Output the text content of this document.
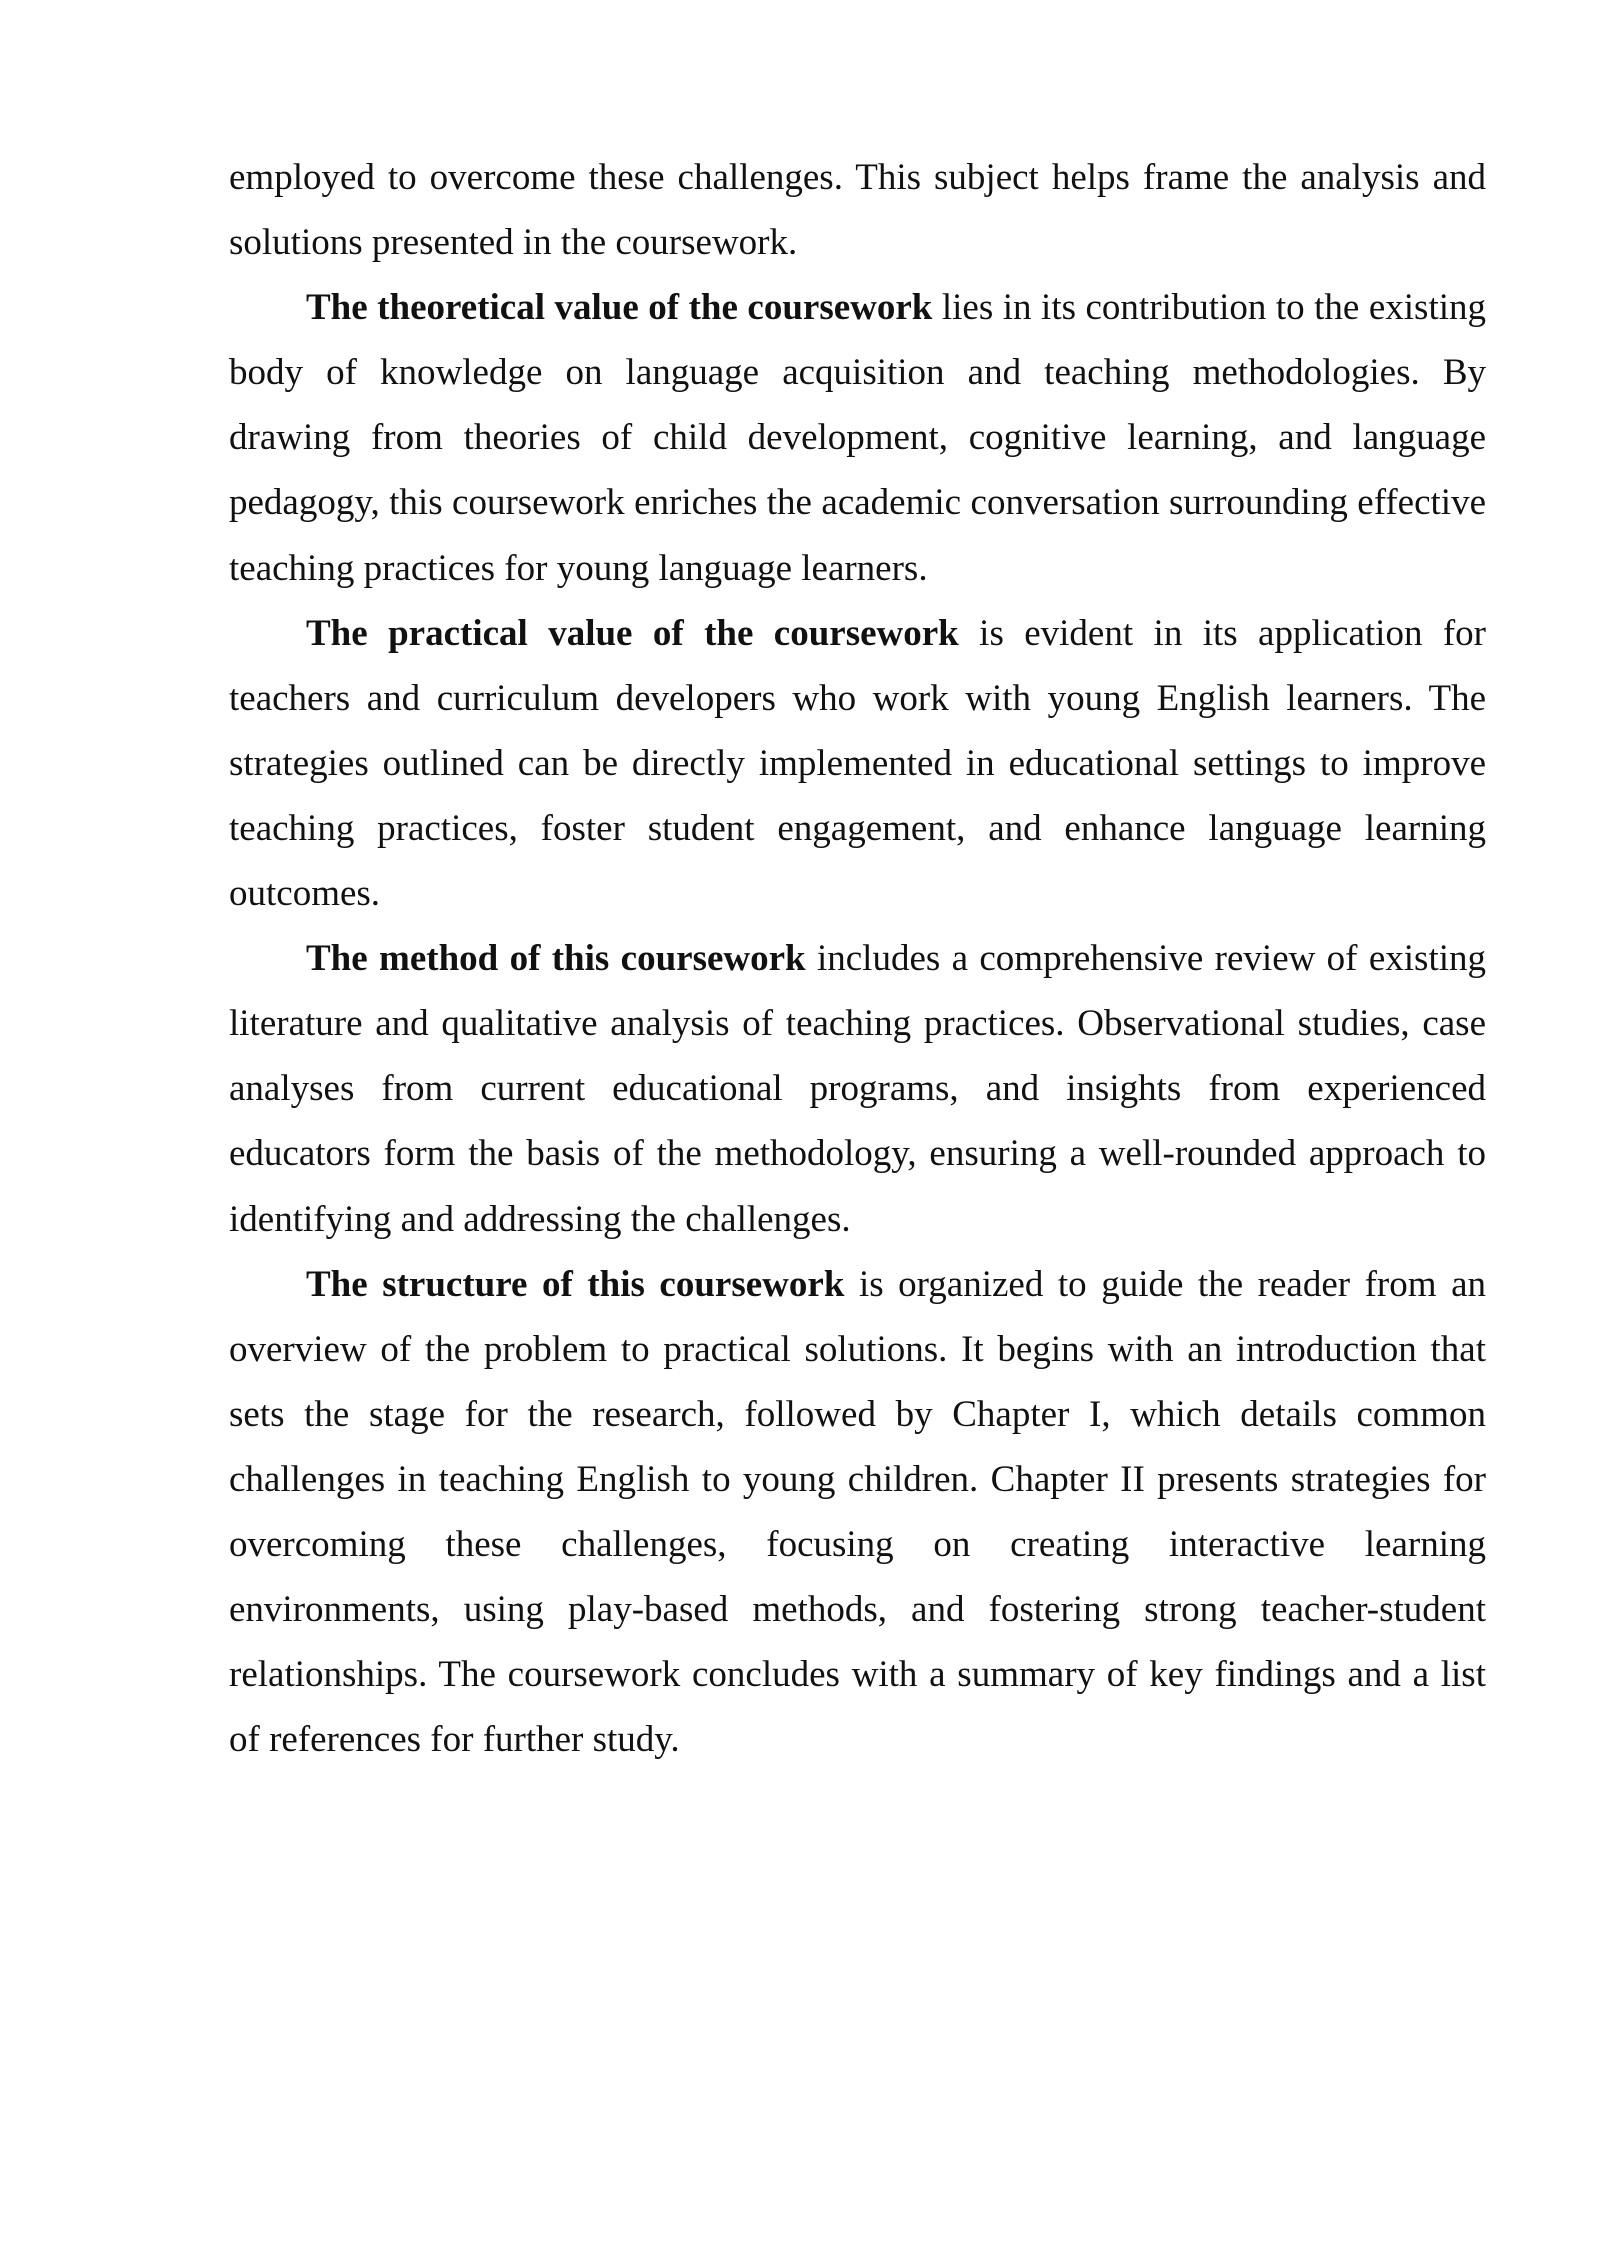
employed to overcome these challenges. This subject helps frame the analysis and solutions presented in the coursework.

The theoretical value of the coursework lies in its contribution to the existing body of knowledge on language acquisition and teaching methodologies. By drawing from theories of child development, cognitive learning, and language pedagogy, this coursework enriches the academic conversation surrounding effective teaching practices for young language learners.

The practical value of the coursework is evident in its application for teachers and curriculum developers who work with young English learners. The strategies outlined can be directly implemented in educational settings to improve teaching practices, foster student engagement, and enhance language learning outcomes.

The method of this coursework includes a comprehensive review of existing literature and qualitative analysis of teaching practices. Observational studies, case analyses from current educational programs, and insights from experienced educators form the basis of the methodology, ensuring a well-rounded approach to identifying and addressing the challenges.

The structure of this coursework is organized to guide the reader from an overview of the problem to practical solutions. It begins with an introduction that sets the stage for the research, followed by Chapter I, which details common challenges in teaching English to young children. Chapter II presents strategies for overcoming these challenges, focusing on creating interactive learning environments, using play-based methods, and fostering strong teacher-student relationships. The coursework concludes with a summary of key findings and a list of references for further study.
